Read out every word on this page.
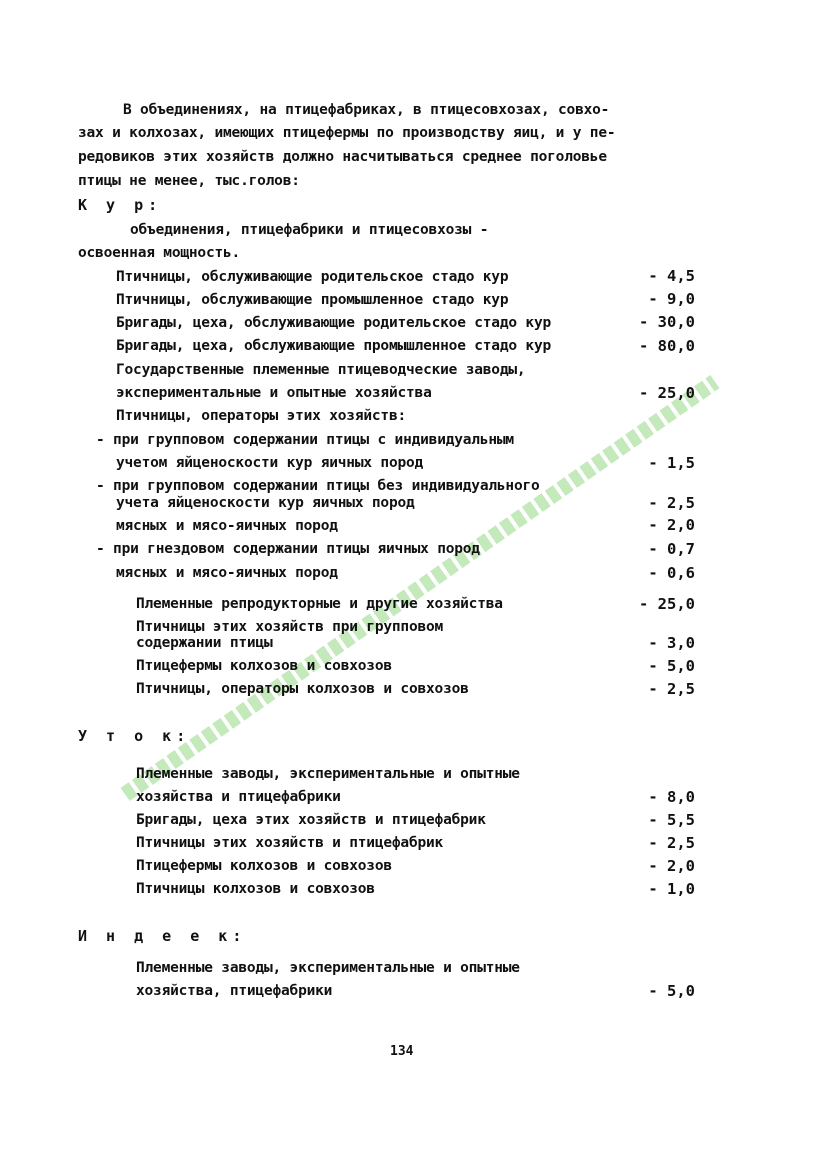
В объединениях, на птицефабриках, в птицесовхозах, совхо-
зах и колхозах, имеющих птицефермы по производству яиц, и у пе-
редовиков этих хозяйств должно насчитываться среднее поголовье
птицы не менее, тыс.голов:
К у р:
объединения, птицефабрики и птицесовхозы -
освоенная мощность.
Птичницы, обслуживающие родительское стадо кур	- 4,5
Птичницы, обслуживающие промышленное стадо кур	- 9,0
Бригады, цеха, обслуживающие родительское стадо кур	- 30,0
Бригады, цеха, обслуживающие промышленное стадо кур	- 80,0
Государственные племенные птицеводческие заводы,
экспериментальные и опытные хозяйства	- 25,0
Птичницы, операторы этих хозяйств:
- при групповом содержании птицы с индивидуальным
учетом яйценоскости кур яичных пород	- 1,5
- при групповом содержании птицы без индивидуального
учета яйценоскости кур яичных пород	- 2,5
мясных и мясо-яичных пород	- 2,0
- при гнездовом содержании птицы яичных пород	- 0,7
мясных и мясо-яичных пород	- 0,6
Племенные репродукторные и другие хозяйства	- 25,0
Птичницы этих хозяйств при групповом
содержании птицы	- 3,0
Птицефермы колхозов и совхозов	- 5,0
Птичницы, операторы колхозов и совхозов	- 2,5
У т о к:
Племенные заводы, экспериментальные и опытные
хозяйства и птицефабрики	- 8,0
Бригады, цеха этих хозяйств и птицефабрик	- 5,5
Птичницы этих хозяйств и птицефабрик	- 2,5
Птицефермы колхозов и совхозов	- 2,0
Птичницы колхозов и совхозов	- 1,0
И н д е е к:
Племенные заводы, экспериментальные и опытные
хозяйства, птицефабрики	- 5,0
134
